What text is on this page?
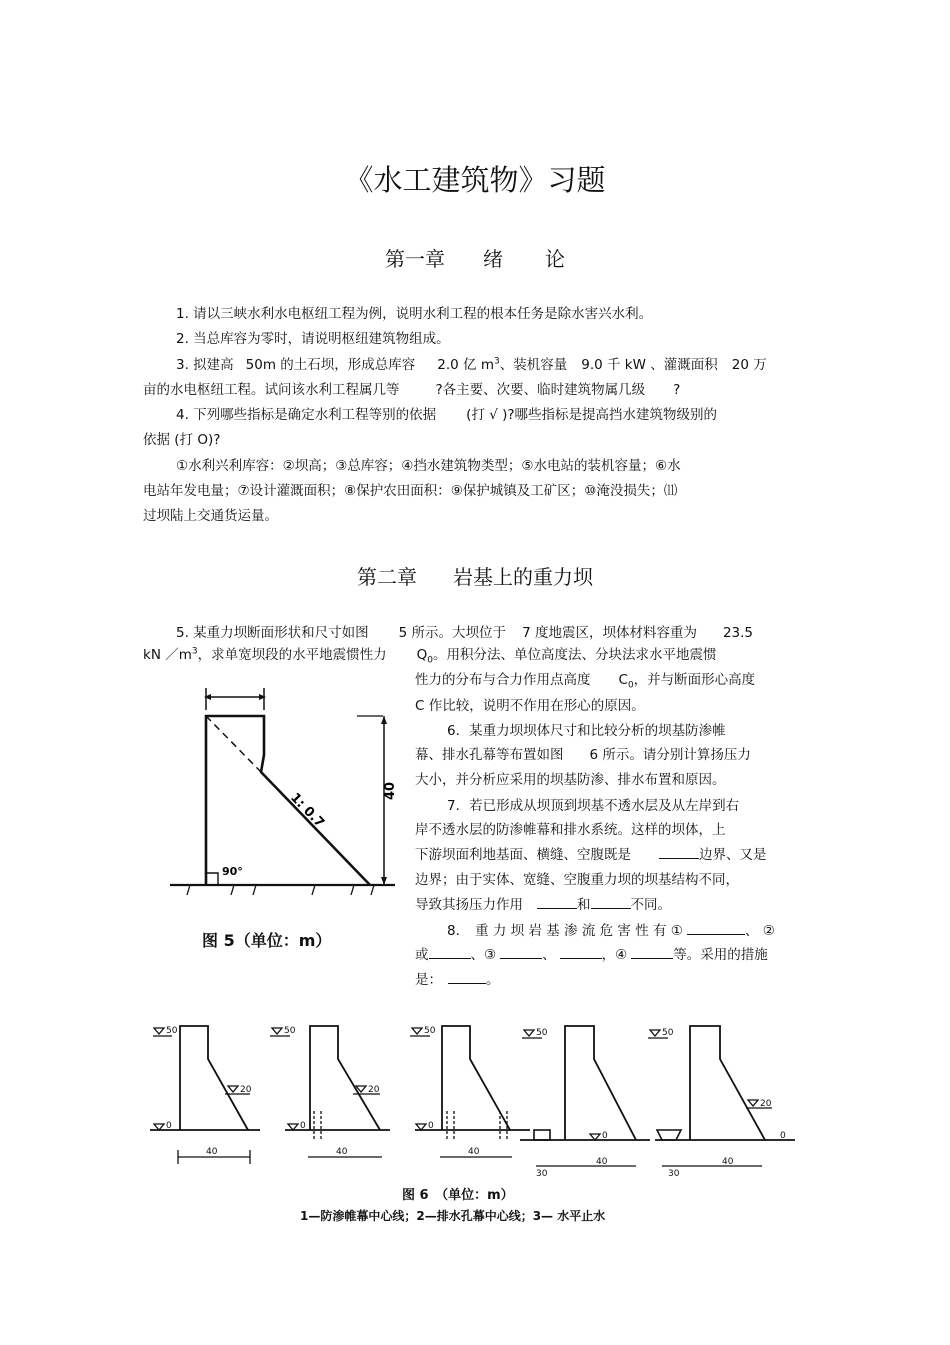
《水工建筑物》习题
第一章 绪 论
1. 请以三峡水利水电枢纽工程为例，说明水利工程的根本任务是除水害兴水利。
2. 当总库容为零时，请说明枢纽建筑物组成。
3. 拟建高 50m 的土石坝，形成总库容 2.0 亿 $m^3$、装机容量 9.0 千 kW 、灌溉面积 20 万
亩的水电枢纽工程。试问该水利工程属几等	?各主要、次要、临时建筑物属几级 ?
4. 下列哪些指标是确定水利工程等别的依据 (打 √ )?哪些指标是提高挡水建筑物级别的
依据 (打 O)?
①水利兴利库容：②坝高；③总库容；④挡水建筑物类型；⑤水电站的装机容量；⑥水
电站年发电量；⑦设计灌溉面积；⑧保护农田面积：⑨保护城镇及工矿区；⑩淹没损失；⑾
过坝陆上交通货运量。
第二章 岩基上的重力坝
5. 某重力坝断面形状和尺寸如图 5 所示。大坝位于 7 度地震区，坝体材料容重为 23.5
kN $/m^3$，求单宽坝段的水平地震惯性力 $Q_0$。用积分法、单位高度法、分块法求水平地震惯
性力的分布与合力作用点高度 $C_0$，并与断面形心高度
C 作比较，说明不作用在形心的原因。
6．某重力坝坝体尺寸和比较分析的坝基防渗帷
幕、排水孔幕等布置如图 6 所示。请分别计算扬压力
大小，并分析应采用的坝基防渗、排水布置和原因。
7．若已形成从坝顶到坝基不透水层及从左岸到右
岸不透水层的防渗帷幕和排水系统。这样的坝体，上
下游坝面利地基面、横缝、空腹既是	边界、又是
边界；由于实体、宽缝、空腹重力坝的坝基结构不同，
导致其扬压力作用	和	不同。
8． 重 力 坝 岩 基 渗 流 危 害 性 有 ①	、 ②
或	、③	、	，④	等。采用的措施
是：	。
40
1: 0.7
90°
图 5（单位：m）
50
0
20
40
50
0
20
40
50
0
40
50
0
30
40
50
20
0
30
40
图 6　（单位：m）
1—防渗帷幕中心线；2—排水孔幕中心线；3— 水平止水
